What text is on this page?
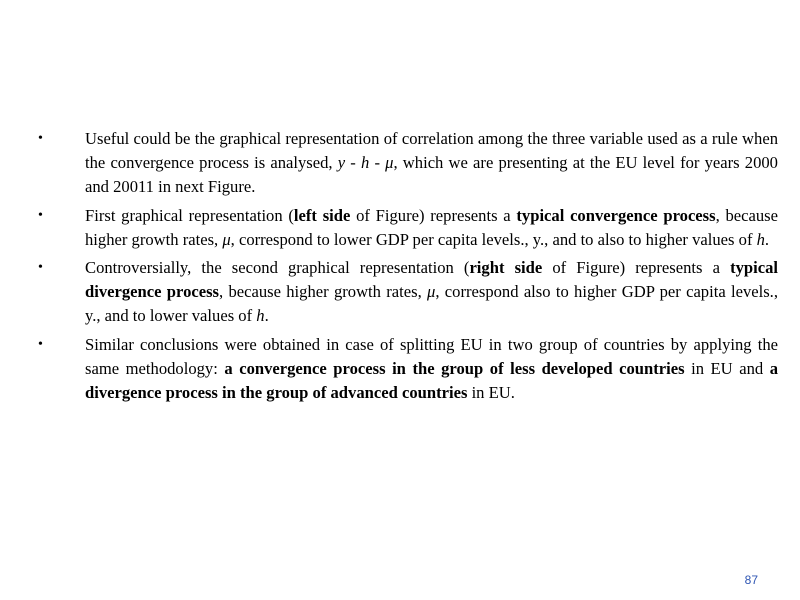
•	Useful could be the graphical representation of correlation among the three variable used as a rule when the convergence process is analysed, y - h - μ, which we are presenting at the EU level for years 2000 and 20011 in next Figure.
•	First graphical representation (left side of Figure) represents a typical convergence process, because higher growth rates, μ, correspond to lower GDP per capita levels., y., and to also to higher values of h.
•	Controversially, the second graphical representation (right side of Figure) represents a typical divergence process, because higher growth rates, μ, correspond also to higher GDP per capita levels., y., and to lower values of h.
•	Similar conclusions were obtained in case of splitting EU in two group of countries by applying the same methodology: a convergence process in the group of less developed countries in EU and a divergence process in the group of advanced countries in EU.
87
